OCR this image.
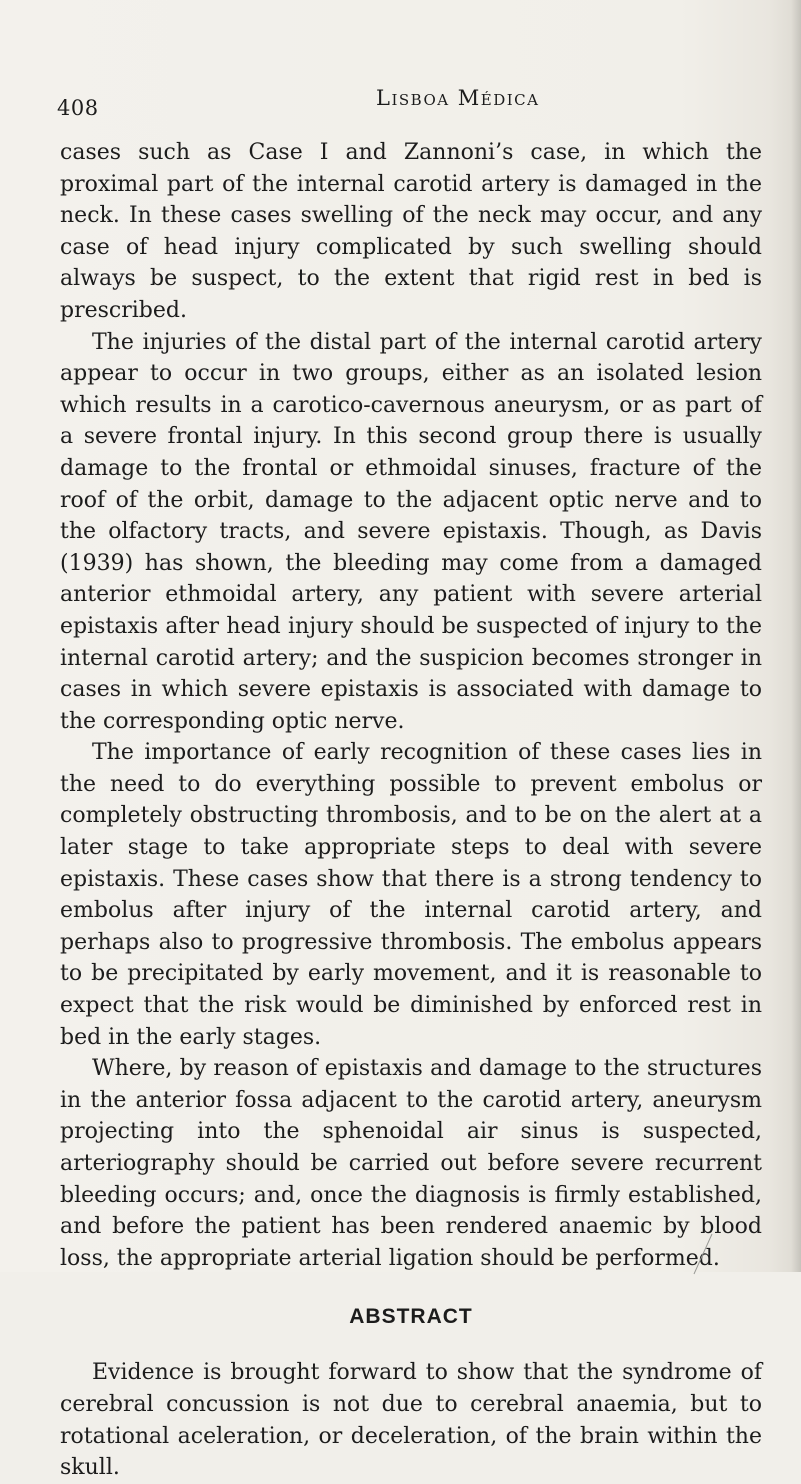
408	Lisboa Médica

cases such as Case I and Zannoni’s case, in which the proximal part of the internal carotid artery is damaged in the neck. In these cases swelling of the neck may occur, and any case of head injury complicated by such swelling should always be suspect, to the extent that rigid rest in bed is prescribed.

The injuries of the distal part of the internal carotid artery appear to occur in two groups, either as an isolated lesion which results in a carotico-cavernous aneurysm, or as part of a severe frontal injury. In this second group there is usually damage to the frontal or ethmoidal sinuses, fracture of the roof of the orbit, damage to the adjacent optic nerve and to the olfactory tracts, and severe epistaxis. Though, as Davis (1939) has shown, the bleeding may come from a damaged anterior ethmoidal artery, any patient with severe arterial epistaxis after head injury should be suspected of injury to the internal carotid artery; and the suspicion becomes stronger in cases in which severe epistaxis is associated with damage to the corresponding optic nerve.

The importance of early recognition of these cases lies in the need to do everything possible to prevent embolus or completely obstructing thrombosis, and to be on the alert at a later stage to take appropriate steps to deal with severe epistaxis. These cases show that there is a strong tendency to embolus after injury of the internal carotid artery, and perhaps also to progressive thrombosis. The embolus appears to be precipitated by early movement, and it is reasonable to expect that the risk would be diminished by enforced rest in bed in the early stages.

Where, by reason of epistaxis and damage to the structures in the anterior fossa adjacent to the carotid artery, aneurysm projecting into the sphenoidal air sinus is suspected, arteriography should be carried out before severe recurrent bleeding occurs; and, once the diagnosis is firmly established, and before the patient has been rendered anaemic by blood loss, the appropriate arterial ligation should be performed.

ABSTRACT

Evidence is brought forward to show that the syndrome of cerebral concussion is not due to cerebral anaemia, but to rotational aceleration, or deceleration, of the brain within the skull.
